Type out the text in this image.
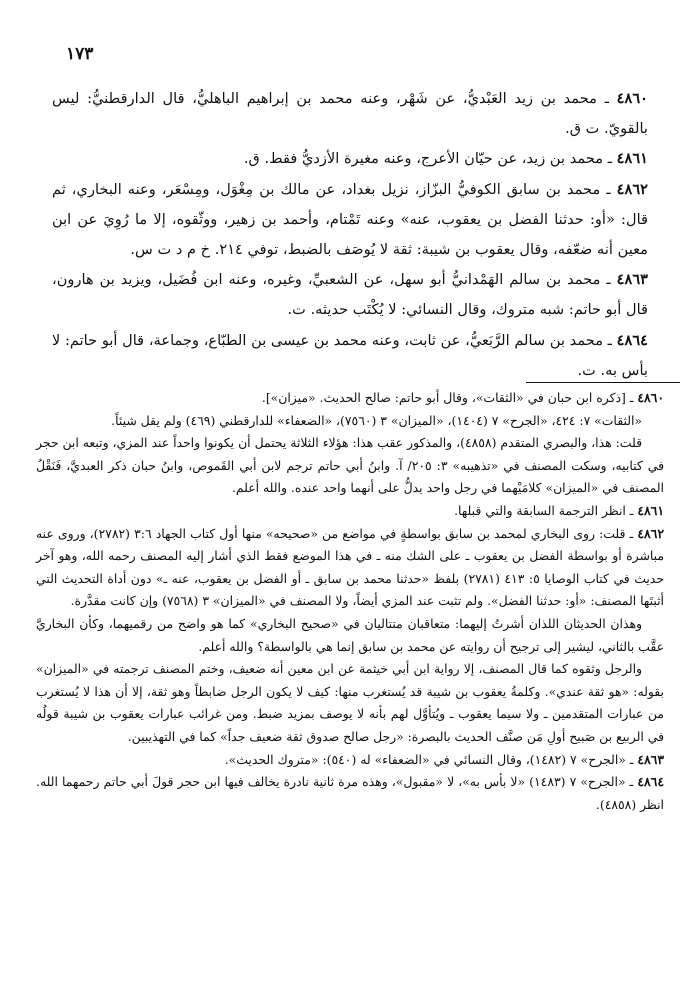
١٧٣

٤٨٦٠ ـ محمد بن زيد العَبْديُّ، عن شَهْر، وعنه محمد بن إبراهيم الباهليُّ، قال الدارقطنيُّ: ليس بالقويّ. ت ق.

٤٨٦١ ـ محمد بن زيد، عن حيّان الأعرج، وعنه مغيرة الأزديُّ فقط. ق.

٤٨٦٢ ـ محمد بن سابق الكوفيُّ البزّاز، نزيل بغداد، عن مالك بن مِغْوَل، ومِسْعَر، وعنه البخاري، ثم قال: «أو: حدثنا الفضل بن يعقوب، عنه» وعنه تَمْتام، وأحمد بن زهير، ووثّقوه، إلا ما رُوِيَ عن ابن معين أنه ضعّفه، وقال يعقوب بن شيبة: ثقة لا يُوصَف بالضبط، توفي ٢١٤. خ م د ت س.

٤٨٦٣ ـ محمد بن سالم الهَمْدانيُّ أبو سهل، عن الشعبيِّ، وغيره، وعنه ابن فُضَيل، ويزيد بن هارون، قال أبو حاتم: شبه متروك، وقال النسائي: لا يُكْتَب حديثه. ت.

٤٨٦٤ ـ محمد بن سالم الرَّبَعيُّ، عن ثابت، وعنه محمد بن عيسى بن الطبّاع، وجماعة، قال أبو حاتم: لا بأس به. ت.

٤٨٦٠ ـ [ذكره ابن حبان في «الثقات»، وقال أبو حاتم: صالح الحديث. «ميزان»].

«الثقات» ٧: ٤٢٤، «الجرح» ٧ (١٤٠٤)، «الميزان» ٣ (٧٥٦٠)، «الضعفاء» للدارقطني (٤٦٩) ولم يقل شيئاً.

قلت: هذا، والبصري المتقدم (٤٨٥٨)، والمذكور عقب هذا: هؤلاء الثلاثة يحتمل أن يكونوا واحداً عند المزي، وتبعه ابن حجر في كتابيه، وسكت المصنف في «تذهيبه» ٣: ٢٠٥/ آ. وابنُ أبي حاتم ترجم لابن أبي القَموص، وابنُ حبان ذكر العبديَّ، فَنَقْلُ المصنف في «الميزان» كلامَيْهما في رجل واحد يدلُّ على أنهما واحد عنده. والله أعلم.

٤٨٦١ ـ انظر الترجمة السابقة والتي قبلها.

٤٨٦٢ ـ قلت: روى البخاري لمحمد بن سابق بواسطةٍ في مواضع من «صحيحه» منها أول كتاب الجهاد ٣:٦ (٢٧٨٢)، وروى عنه مباشرة أو بواسطة الفضل بن يعقوب ـ على الشك منه ـ في هذا الموضع فقط الذي أشار إليه المصنف رحمه الله، وهو آخر حديث في كتاب الوصايا ٥: ٤١٣ (٢٧٨١) بلفظ «حدثنا محمد بن سابق ـ أو الفضل بن يعقوب، عنه ـ» دون أداة التحديث التي أثبتَها المصنف: «أو: حدثنا الفضل». ولم تثبت عند المزي أيضاً، ولا المصنف في «الميزان» ٣ (٧٥٦٨) وإن كانت مقدَّرة.

وهذان الحديثان اللذان أشرتُ إليهما: متعاقبان متتاليان في «صحيح البخاري» كما هو واضح من رقميهما، وكأن البخاريَّ عقَّب بالثاني، ليشير إلى ترجيح أن روايته عن محمد بن سابق إنما هي بالواسطة؟ والله أعلم.

والرجل وثقوه كما قال المصنف، إلا رواية ابن أبي خيثمة عن ابن معين أنه ضعيف، وختم المصنف ترجمته في «الميزان» بقوله: «هو ثقة عندي». وكلمةُ يعقوب بن شيبة قد يُستغرب منها: كيف لا يكون الرجل ضابطاً وهو ثقة، إلا أن هذا لا يُستغرب من عبارات المتقدمين ـ ولا سيما يعقوب ـ ويُتأوَّل لهم بأنه لا يوصف بمزيد ضبط. ومن غرائب عبارات يعقوب بن شيبة قولُه في الربيع بن صَبيح أولِ مَن صنَّف الحديث بالبصرة: «رجل صالح صدوق ثقة ضعيف جداً» كما في التهذيبين.

٤٨٦٣ ـ «الجرح» ٧ (١٤٨٢)، وقال النسائي في «الضعفاء» له (٥٤٠): «متروك الحديث».

٤٨٦٤ ـ «الجرح» ٧ (١٤٨٣) «لا بأس به»، لا «مقبول»، وهذه مرة ثانية نادرة يخالف فيها ابن حجر قولَ أبي حاتم رحمهما الله. انظر (٤٨٥٨).
